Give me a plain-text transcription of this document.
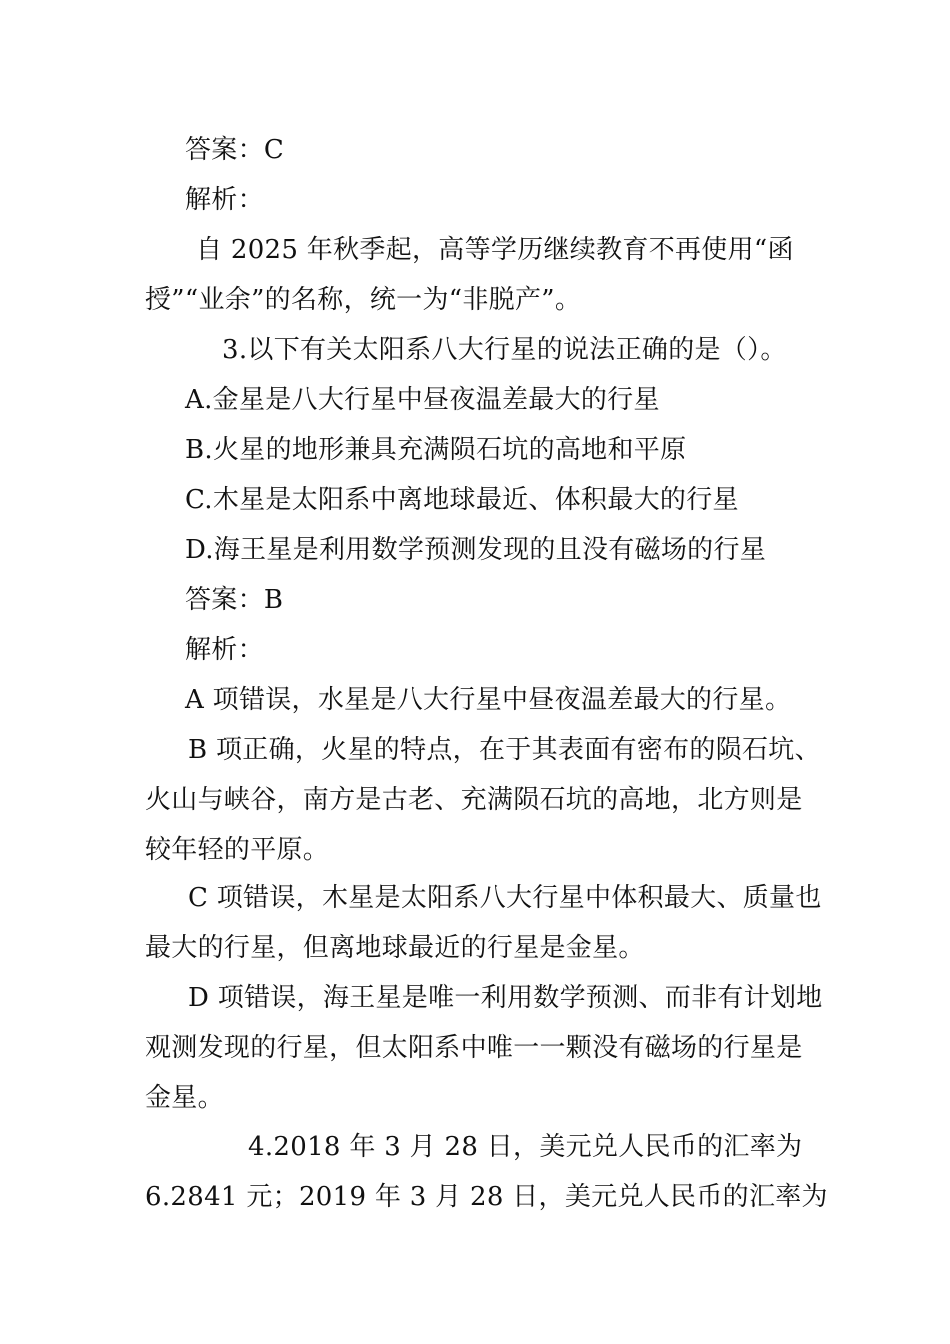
答案：C
解析：
自 2025 年秋季起，高等学历继续教育不再使用“函
授”“业余”的名称，统一为“非脱产”。
3.以下有关太阳系八大行星的说法正确的是（）。
A.金星是八大行星中昼夜温差最大的行星
B.火星的地形兼具充满陨石坑的高地和平原
C.木星是太阳系中离地球最近、体积最大的行星
D.海王星是利用数学预测发现的且没有磁场的行星
答案：B
解析：
A 项错误，水星是八大行星中昼夜温差最大的行星。
B 项正确，火星的特点，在于其表面有密布的陨石坑、
火山与峡谷，南方是古老、充满陨石坑的高地，北方则是
较年轻的平原。
C 项错误，木星是太阳系八大行星中体积最大、质量也
最大的行星，但离地球最近的行星是金星。
D 项错误，海王星是唯一利用数学预测、而非有计划地
观测发现的行星，但太阳系中唯一一颗没有磁场的行星是
金星。
4.2018 年 3 月 28 日，美元兑人民币的汇率为
6.2841 元；2019 年 3 月 28 日，美元兑人民币的汇率为
